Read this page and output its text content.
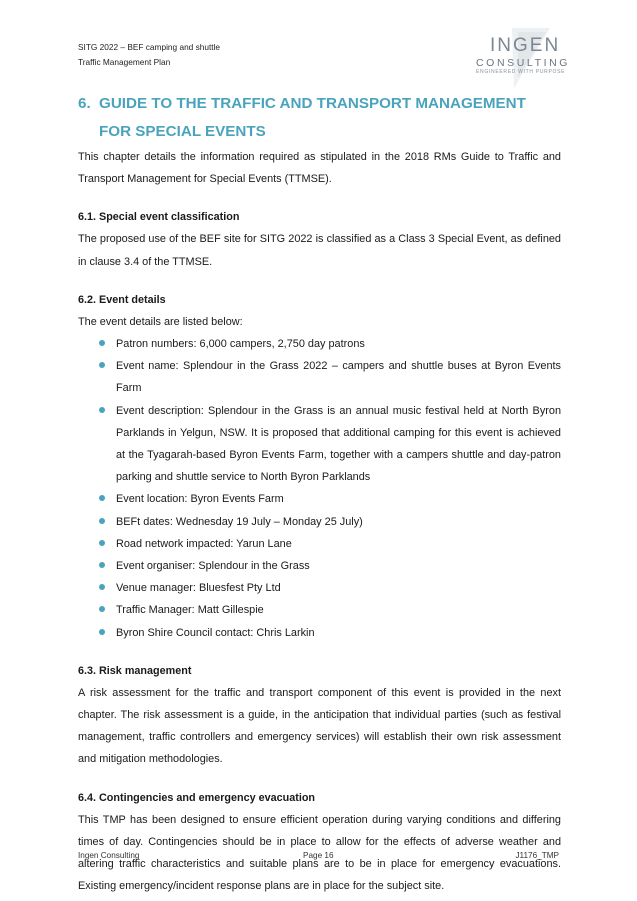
SITG 2022 – BEF camping and shuttle
Traffic Management Plan
INGEN
CONSULTING
ENGINEERED WITH PURPOSE
6. GUIDE TO THE TRAFFIC AND TRANSPORT MANAGEMENT FOR SPECIAL EVENTS

This chapter details the information required as stipulated in the 2018 RMs Guide to Traffic and Transport Management for Special Events (TTMSE).

6.1. Special event classification

The proposed use of the BEF site for SITG 2022 is classified as a Class 3 Special Event, as defined in clause 3.4 of the TTMSE.

6.2. Event details

The event details are listed below:

Patron numbers: 6,000 campers, 2,750 day patrons
Event name: Splendour in the Grass 2022 – campers and shuttle buses at Byron Events Farm
Event description: Splendour in the Grass is an annual music festival held at North Byron Parklands in Yelgun, NSW. It is proposed that additional camping for this event is achieved at the Tyagarah-based Byron Events Farm, together with a campers shuttle and day-patron parking and shuttle service to North Byron Parklands
Event location: Byron Events Farm
BEFt dates: Wednesday 19 July – Monday 25 July)
Road network impacted: Yarun Lane
Event organiser: Splendour in the Grass
Venue manager: Bluesfest Pty Ltd
Traffic Manager: Matt Gillespie
Byron Shire Council contact: Chris Larkin
6.3. Risk management

A risk assessment for the traffic and transport component of this event is provided in the next chapter. The risk assessment is a guide, in the anticipation that individual parties (such as festival management, traffic controllers and emergency services) will establish their own risk assessment and mitigation methodologies.

6.4. Contingencies and emergency evacuation

This TMP has been designed to ensure efficient operation during varying conditions and differing times of day. Contingencies should be in place to allow for the effects of adverse weather and altering traffic characteristics and suitable plans are to be in place for emergency evacuations. Existing emergency/incident response plans are in place for the subject site.

Ingen Consulting	Page 16	J1176_TMP
